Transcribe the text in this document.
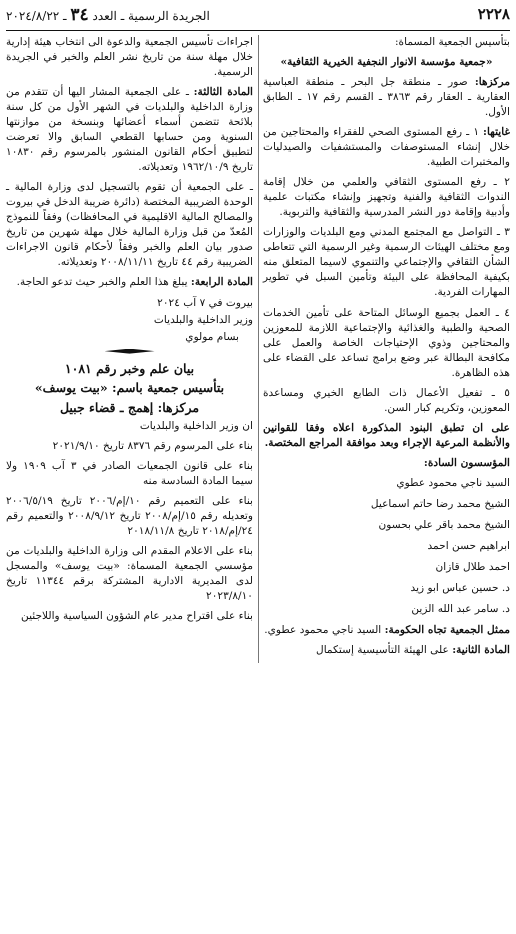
٢٢٢٨
الجريدة الرسمية ـ العدد ٣٤ ـ ٢٠٢٤/٨/٢٢

بتأسيس الجمعية المسماة:

«جمعية مؤسسة الانوار النجفية الخيرية الثقافية»

مركزها: صور ـ منطقة جل البحر ـ منطقة العباسية العقارية ـ العقار رقم ٣٨٦٣ ـ القسم رقم ١٧ ـ الطابق الأول.

غايتها: ١ ـ رفع المستوى الصحي للفقراء والمحتاجين من خلال إنشاء المستوصفات والمستشفيات والصيدليات والمختبرات الطبية.

٢ ـ رفع المستوى الثقافي والعلمي من خلال إقامة الندوات الثقافية والفنية وتجهيز وإنشاء مكتبات علمية وأدبية وإقامة دور النشر المدرسية والثقافية والتربوية.

٣ ـ التواصل مع المجتمع المدني ومع البلديات والوزارات ومع مختلف الهيئات الرسمية وغير الرسمية التي تتعاطى الشأن الثقافي والإجتماعي والتنموي لاسيما المتعلق منه بكيفية المحافظة على البيئة وتأمين السبل في تطوير المهارات الفردية.

٤ ـ العمل بجميع الوسائل المتاحة على تأمين الخدمات الصحية والطبية والغذائية والإجتماعية اللازمة للمعوزين والمحتاجين وذوي الإحتياجات الخاصة والعمل على مكافحة البطالة عبر وضع برامج تساعد على القضاء على هذه الظاهرة.

٥ ـ تفعيل الأعمال ذات الطابع الخيري ومساعدة المعوزين، وتكريم كبار السن.

على ان تطبق البنود المذكورة اعلاه وفقا للقوانين والأنظمة المرعية الإجراء وبعد موافقة المراجع المختصة.

المؤسسون السادة:

السيد ناجي محمود عطوي

الشيخ محمد رضا حاتم اسماعيل

الشيخ محمد باقر علي بحسون

ابراهيم حسن احمد

احمد طلال قازان

د. حسين عباس ابو زيد

د. سامر عبد الله الزين

ممثل الجمعية تجاه الحكومة: السيد ناجي محمود عطوي.

المادة الثانية: على الهيئة التأسيسية إستكمال

اجراءات تأسيس الجمعية والدعوة الى انتخاب هيئة إدارية خلال مهلة سنة من تاريخ نشر العلم والخبر في الجريدة الرسمية.

المادة الثالثة: ـ على الجمعية المشار اليها أن تتقدم من وزارة الداخلية والبلديات في الشهر الأول من كل سنة بلائحة تتضمن أسماء أعضائها وبنسخة من موازنتها السنوية ومن حسابها القطعي السابق والا تعرضت لتطبيق أحكام القانون المنشور بالمرسوم رقم ١٠٨٣٠ تاريخ ١٩٦٢/١٠/٩ وتعديلاته.

ـ على الجمعية أن تقوم بالتسجيل لدى وزارة المالية ـ الوحدة الضريبية المختصة (دائرة ضريبة الدخل في بيروت والمصالح المالية الاقليمية في المحافظات) وفقاً للنموذج المُعدّ من قبل وزارة المالية خلال مهلة شهرين من تاريخ صدور بيان العلم والخبر وفقاً لأحكام قانون الاجراءات الضريبية رقم ٤٤ تاريخ ٢٠٠٨/١١/١١ وتعديلاته.

المادة الرابعة: يبلغ هذا العلم والخبر حيث تدعو الحاجة.

بيروت في ٧ آب ٢٠٢٤

وزير الداخلية والبلديات

بسام مولوي

بيان علم وخبر رقم ١٠٨١

بتأسيس جمعية باسم: «بيت يوسف»

مركزها: إهمج ـ قضاء جبيل

ان وزير الداخلية والبلديات

بناء على المرسوم رقم ٨٣٧٦ تاريخ ٢٠٢١/٩/١٠

بناء على قانون الجمعيات الصادر في ٣ آب ١٩٠٩ ولا سيما المادة السادسة منه

بناء على التعميم رقم ١٠/إم/٢٠٠٦ تاريخ ٢٠٠٦/٥/١٩ وتعديله رقم ١٥/إم/٢٠٠٨ تاريخ ٢٠٠٨/٩/١٢ والتعميم رقم ٢٤/إم/٢٠١٨ تاريخ ٢٠١٨/١١/٨

بناء على الاعلام المقدم الى وزارة الداخلية والبلديات من مؤسسي الجمعية المسماة: «بيت يوسف» والمسجل لدى المديرية الادارية المشتركة برقم ١١٣٤٤ تاريخ ٢٠٢٣/٨/١٠

بناء على اقتراح مدير عام الشؤون السياسية واللاجئين
